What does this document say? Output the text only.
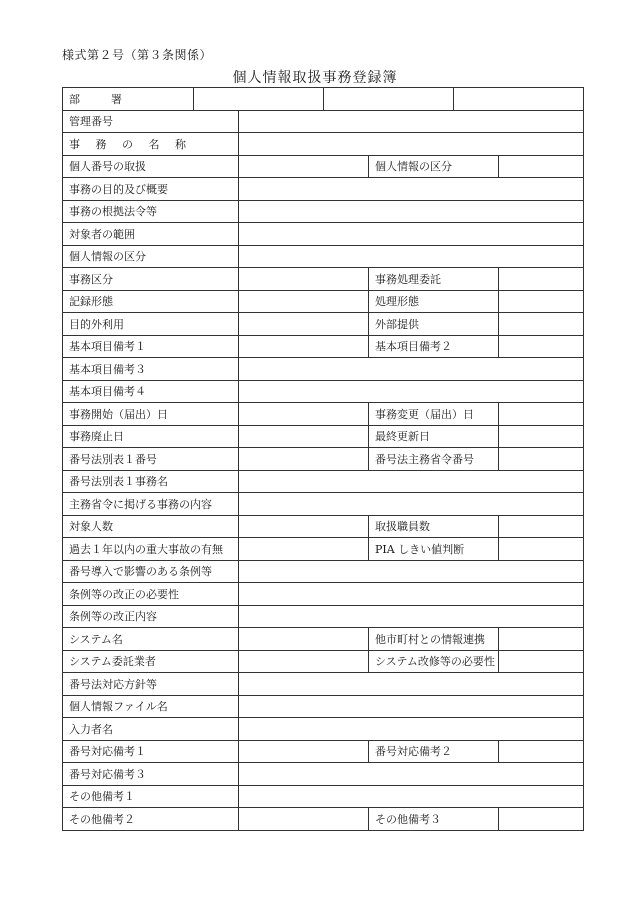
様式第２号（第３条関係）
個人情報取扱事務登録簿
部　署						
管理番号						
事 務 の 名 称						
個人番号の取扱				個人情報の区分		
事務の目的及び概要						
事務の根拠法令等						
対象者の範囲						
個人情報の区分						
事務区分				事務処理委託		
記録形態				処理形態		
目的外利用				外部提供		
基本項目備考１				基本項目備考２		
基本項目備考３						
基本項目備考４						
事務開始（届出）日				事務変更（届出）日		
事務廃止日				最終更新日		
番号法別表１番号				番号法主務省令番号		
番号法別表１事務名						
主務省令に掲げる事務の内容						
対象人数				取扱職員数		
過去１年以内の重大事故の有無				PIA しきい値判断		
番号導入で影響のある条例等						
条例等の改正の必要性						
条例等の改正内容						
システム名				他市町村との情報連携		
システム委託業者				システム改修等の必要性		
番号法対応方針等						
個人情報ファイル名						
入力者名						
番号対応備考１				番号対応備考２		
番号対応備考３						
その他備考１						
その他備考２				その他備考３		
